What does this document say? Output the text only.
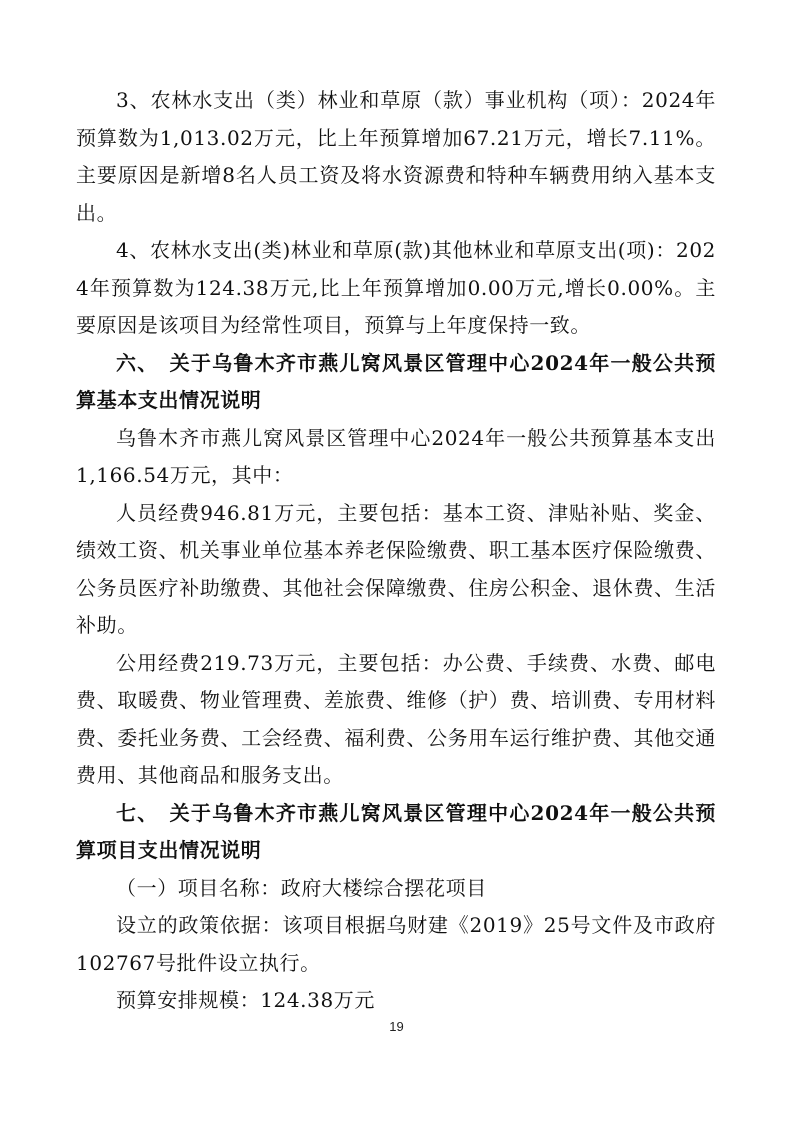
3、农林水支出（类）林业和草原（款）事业机构（项）：2024年预算数为1,013.02万元，比上年预算增加67.21万元，增长7.11%。主要原因是新增8名人员工资及将水资源费和特种车辆费用纳入基本支出。

4、农林水支出(类)林业和草原(款)其他林业和草原支出(项)：2024年预算数为124.38万元,比上年预算增加0.00万元,增长0.00%。主要原因是该项目为经常性项目，预算与上年度保持一致。

六、　关于乌鲁木齐市燕儿窝风景区管理中心2024年一般公共预算基本支出情况说明

乌鲁木齐市燕儿窝风景区管理中心2024年一般公共预算基本支出1,166.54万元，其中：

人员经费946.81万元，主要包括：基本工资、津贴补贴、奖金、绩效工资、机关事业单位基本养老保险缴费、职工基本医疗保险缴费、公务员医疗补助缴费、其他社会保障缴费、住房公积金、退休费、生活补助。

公用经费219.73万元，主要包括：办公费、手续费、水费、邮电费、取暖费、物业管理费、差旅费、维修（护）费、培训费、专用材料费、委托业务费、工会经费、福利费、公务用车运行维护费、其他交通费用、其他商品和服务支出。

七、　关于乌鲁木齐市燕儿窝风景区管理中心2024年一般公共预算项目支出情况说明

（一）项目名称：政府大楼综合摆花项目

设立的政策依据：该项目根据乌财建《2019》25号文件及市政府102767号批件设立执行。

预算安排规模：124.38万元

19
